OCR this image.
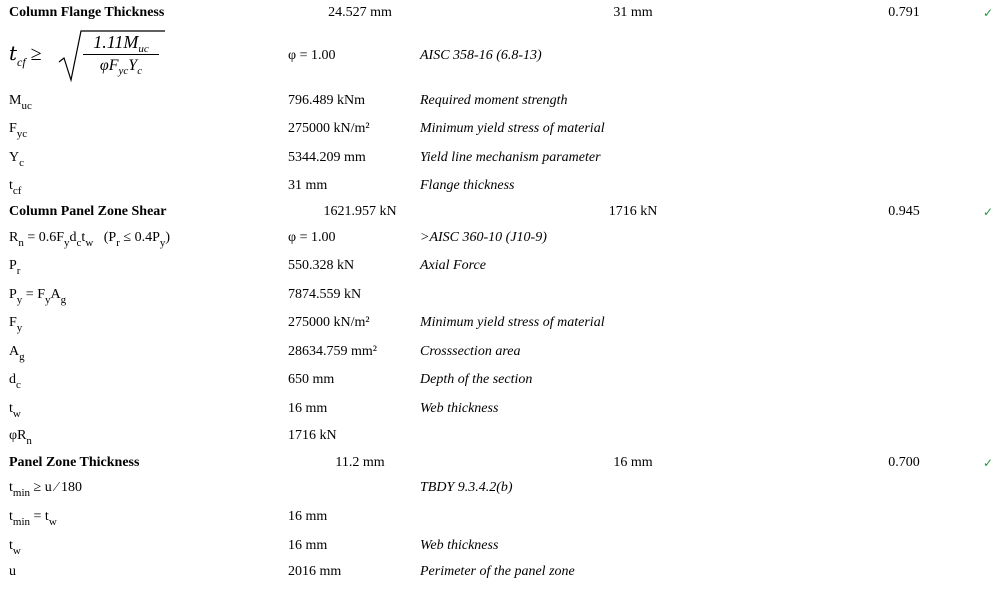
Column Flange Thickness	24.527 mm	31 mm	0.791	✓
$t_{cf}$ ≥
$1.11M_{uc}$
$\varphi F_{yc}Y_c$
φ = 1.00	AISC 358-16 (6.8-13)
$M_{uc}$	796.489 kNm	Required moment strength
$F_{yc}$	275000 kN/m²	Minimum yield stress of material
$Y_c$	5344.209 mm	Yield line mechanism parameter
$t_{cf}$	31 mm	Flange thickness
Column Panel Zone Shear	1621.957 kN	1716 kN	0.945	✓
$R_n = 0.6F_yd_ct_w$   $(P_r \le 0.4P_y)$	φ = 1.00	>AISC 360-10 (J10-9)
$P_r$	550.328 kN	Axial Force
$P_y = F_yA_g$	7874.559 kN
$F_y$	275000 kN/m²	Minimum yield stress of material
$A_g$	28634.759 mm²	Crosssection area
$d_c$	650 mm	Depth of the section
$t_w$	16 mm	Web thickness
$\varphi R_n$	1716 kN
Panel Zone Thickness	11.2 mm	16 mm	0.700	✓
$t_{min} \ge u$ ⁄ 180	TBDY 9.3.4.2(b)
$t_{min} = t_w$	16 mm
$t_w$	16 mm	Web thickness
u	2016 mm	Perimeter of the panel zone
